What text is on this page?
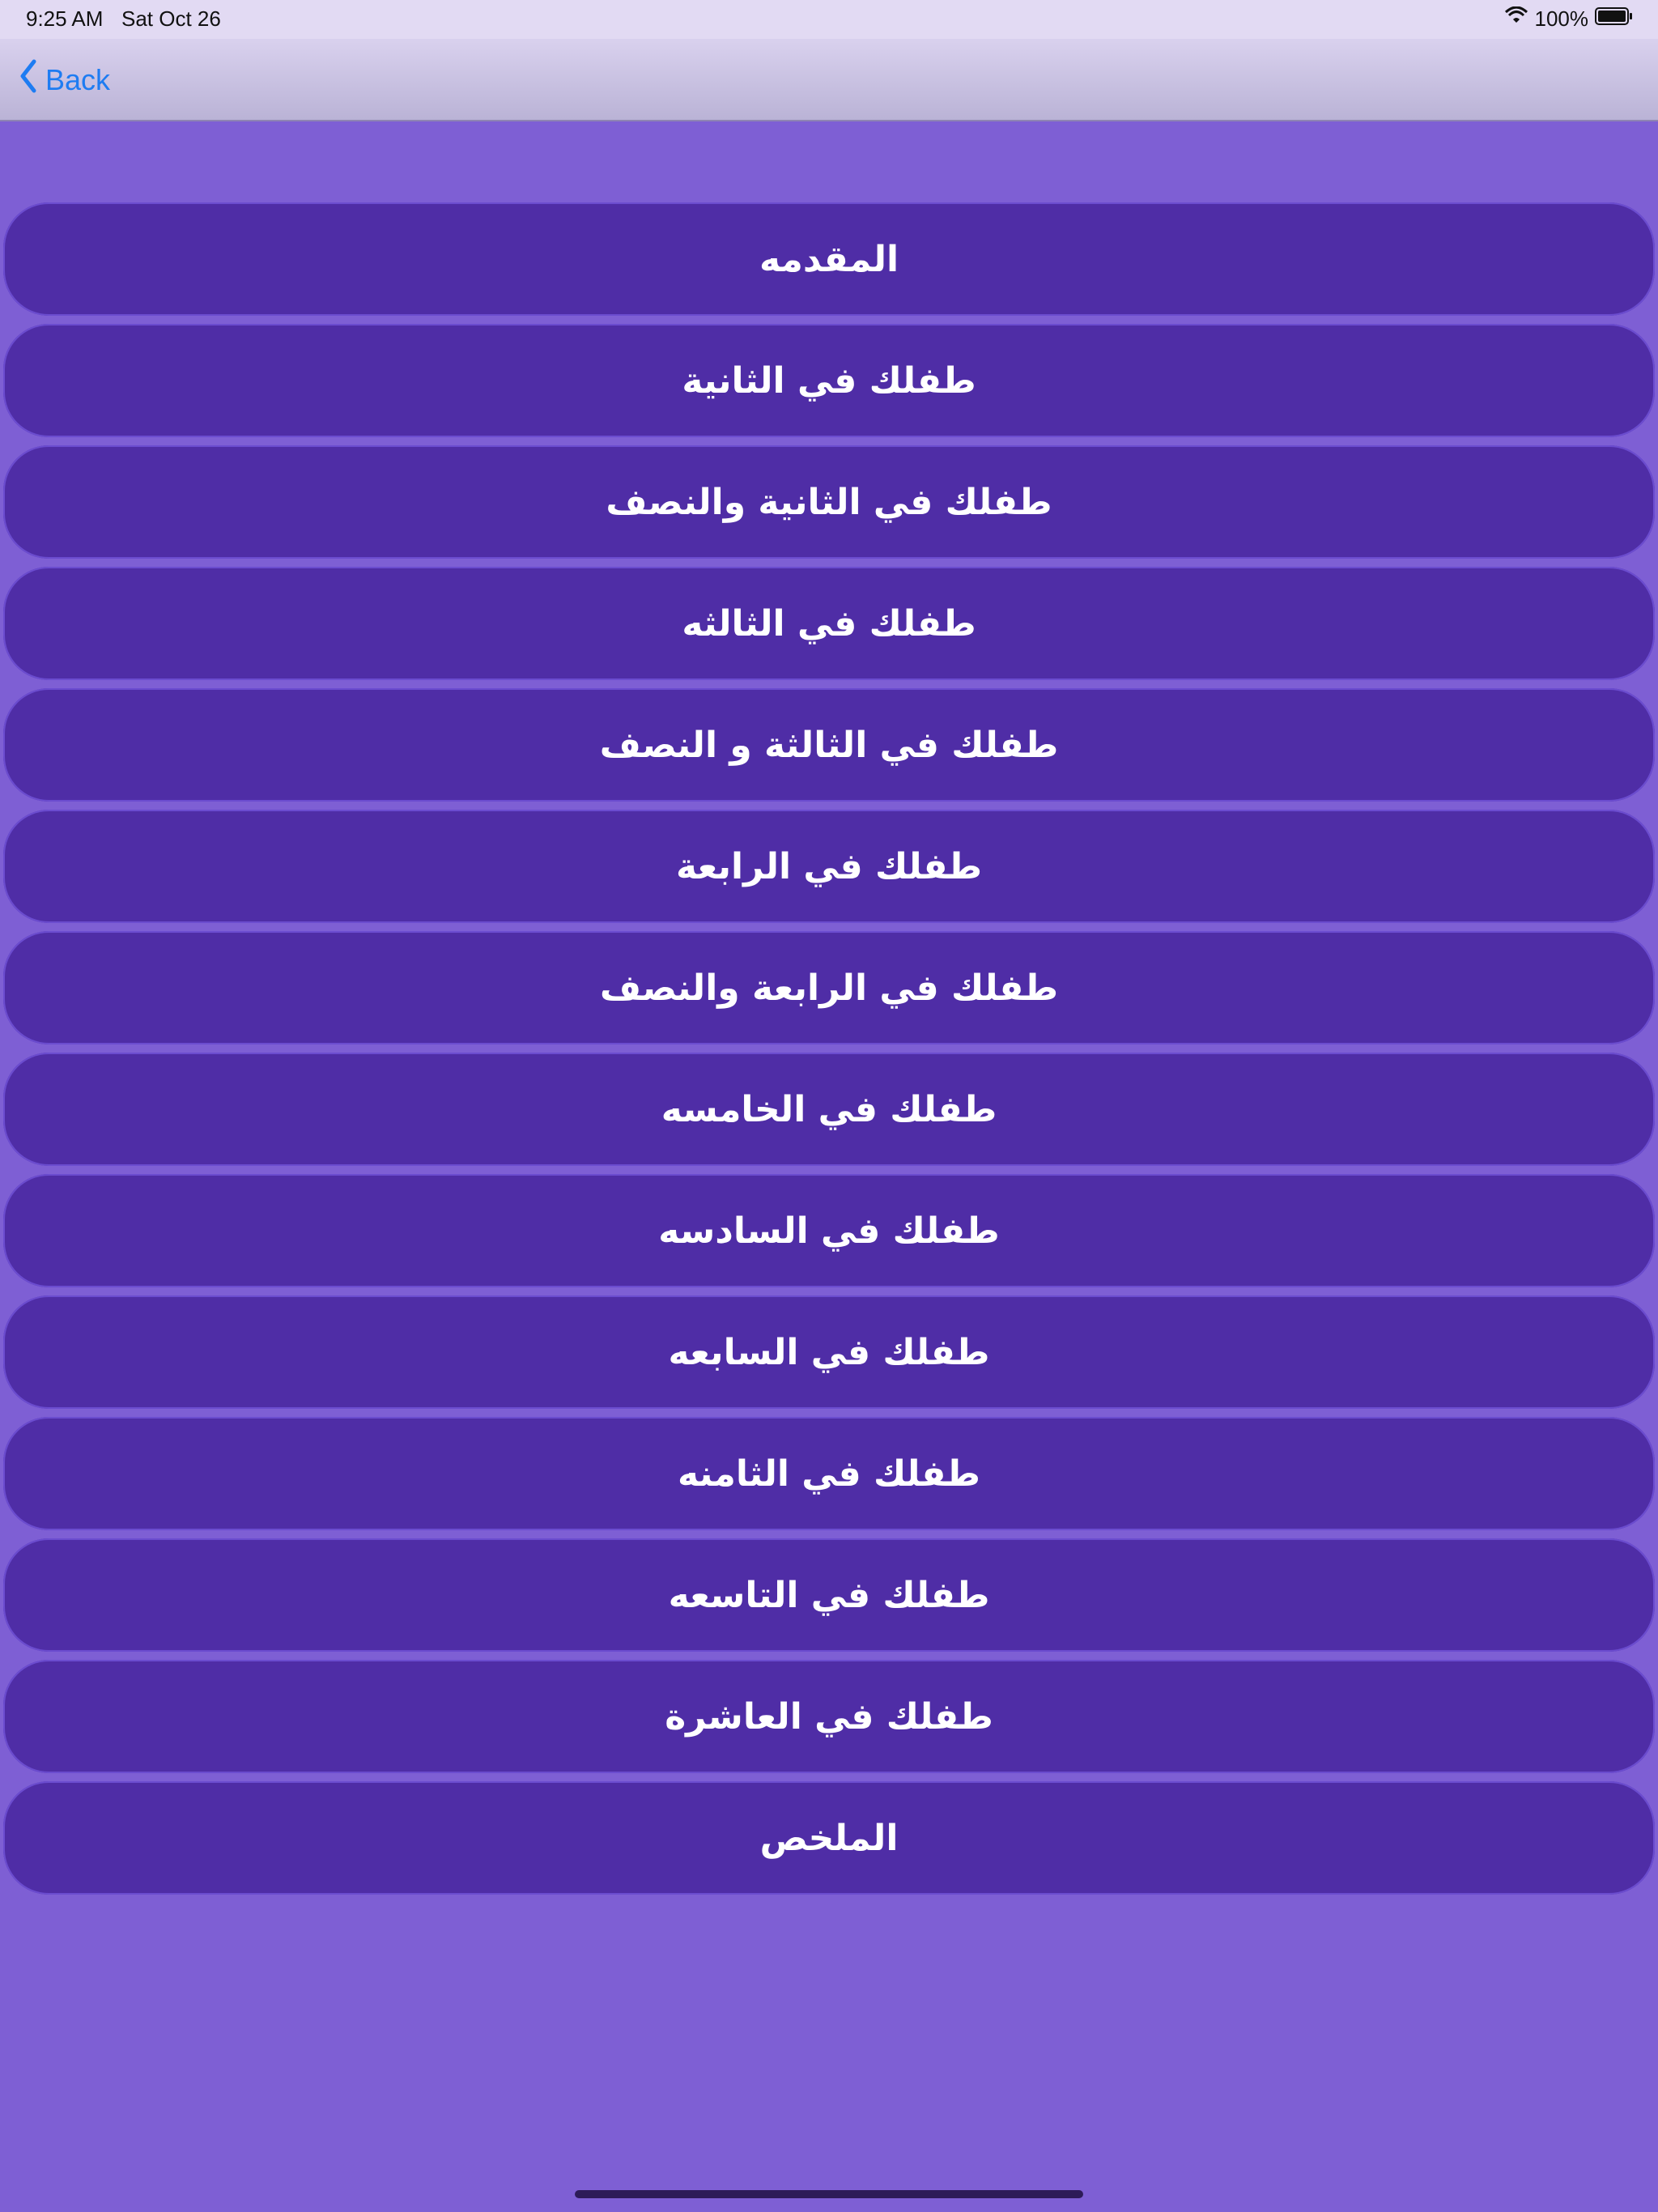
9:25 AM Sat Oct 26	100%
Back
المقدمه
طفلك في الثانية
طفلك في الثانية والنصف
طفلك في الثالثه
طفلك في الثالثة و النصف
طفلك في الرابعة
طفلك في الرابعة والنصف
طفلك في الخامسه
طفلك في السادسه
طفلك في السابعه
طفلك في الثامنه
طفلك في التاسعه
طفلك في العاشرة
الملخص
